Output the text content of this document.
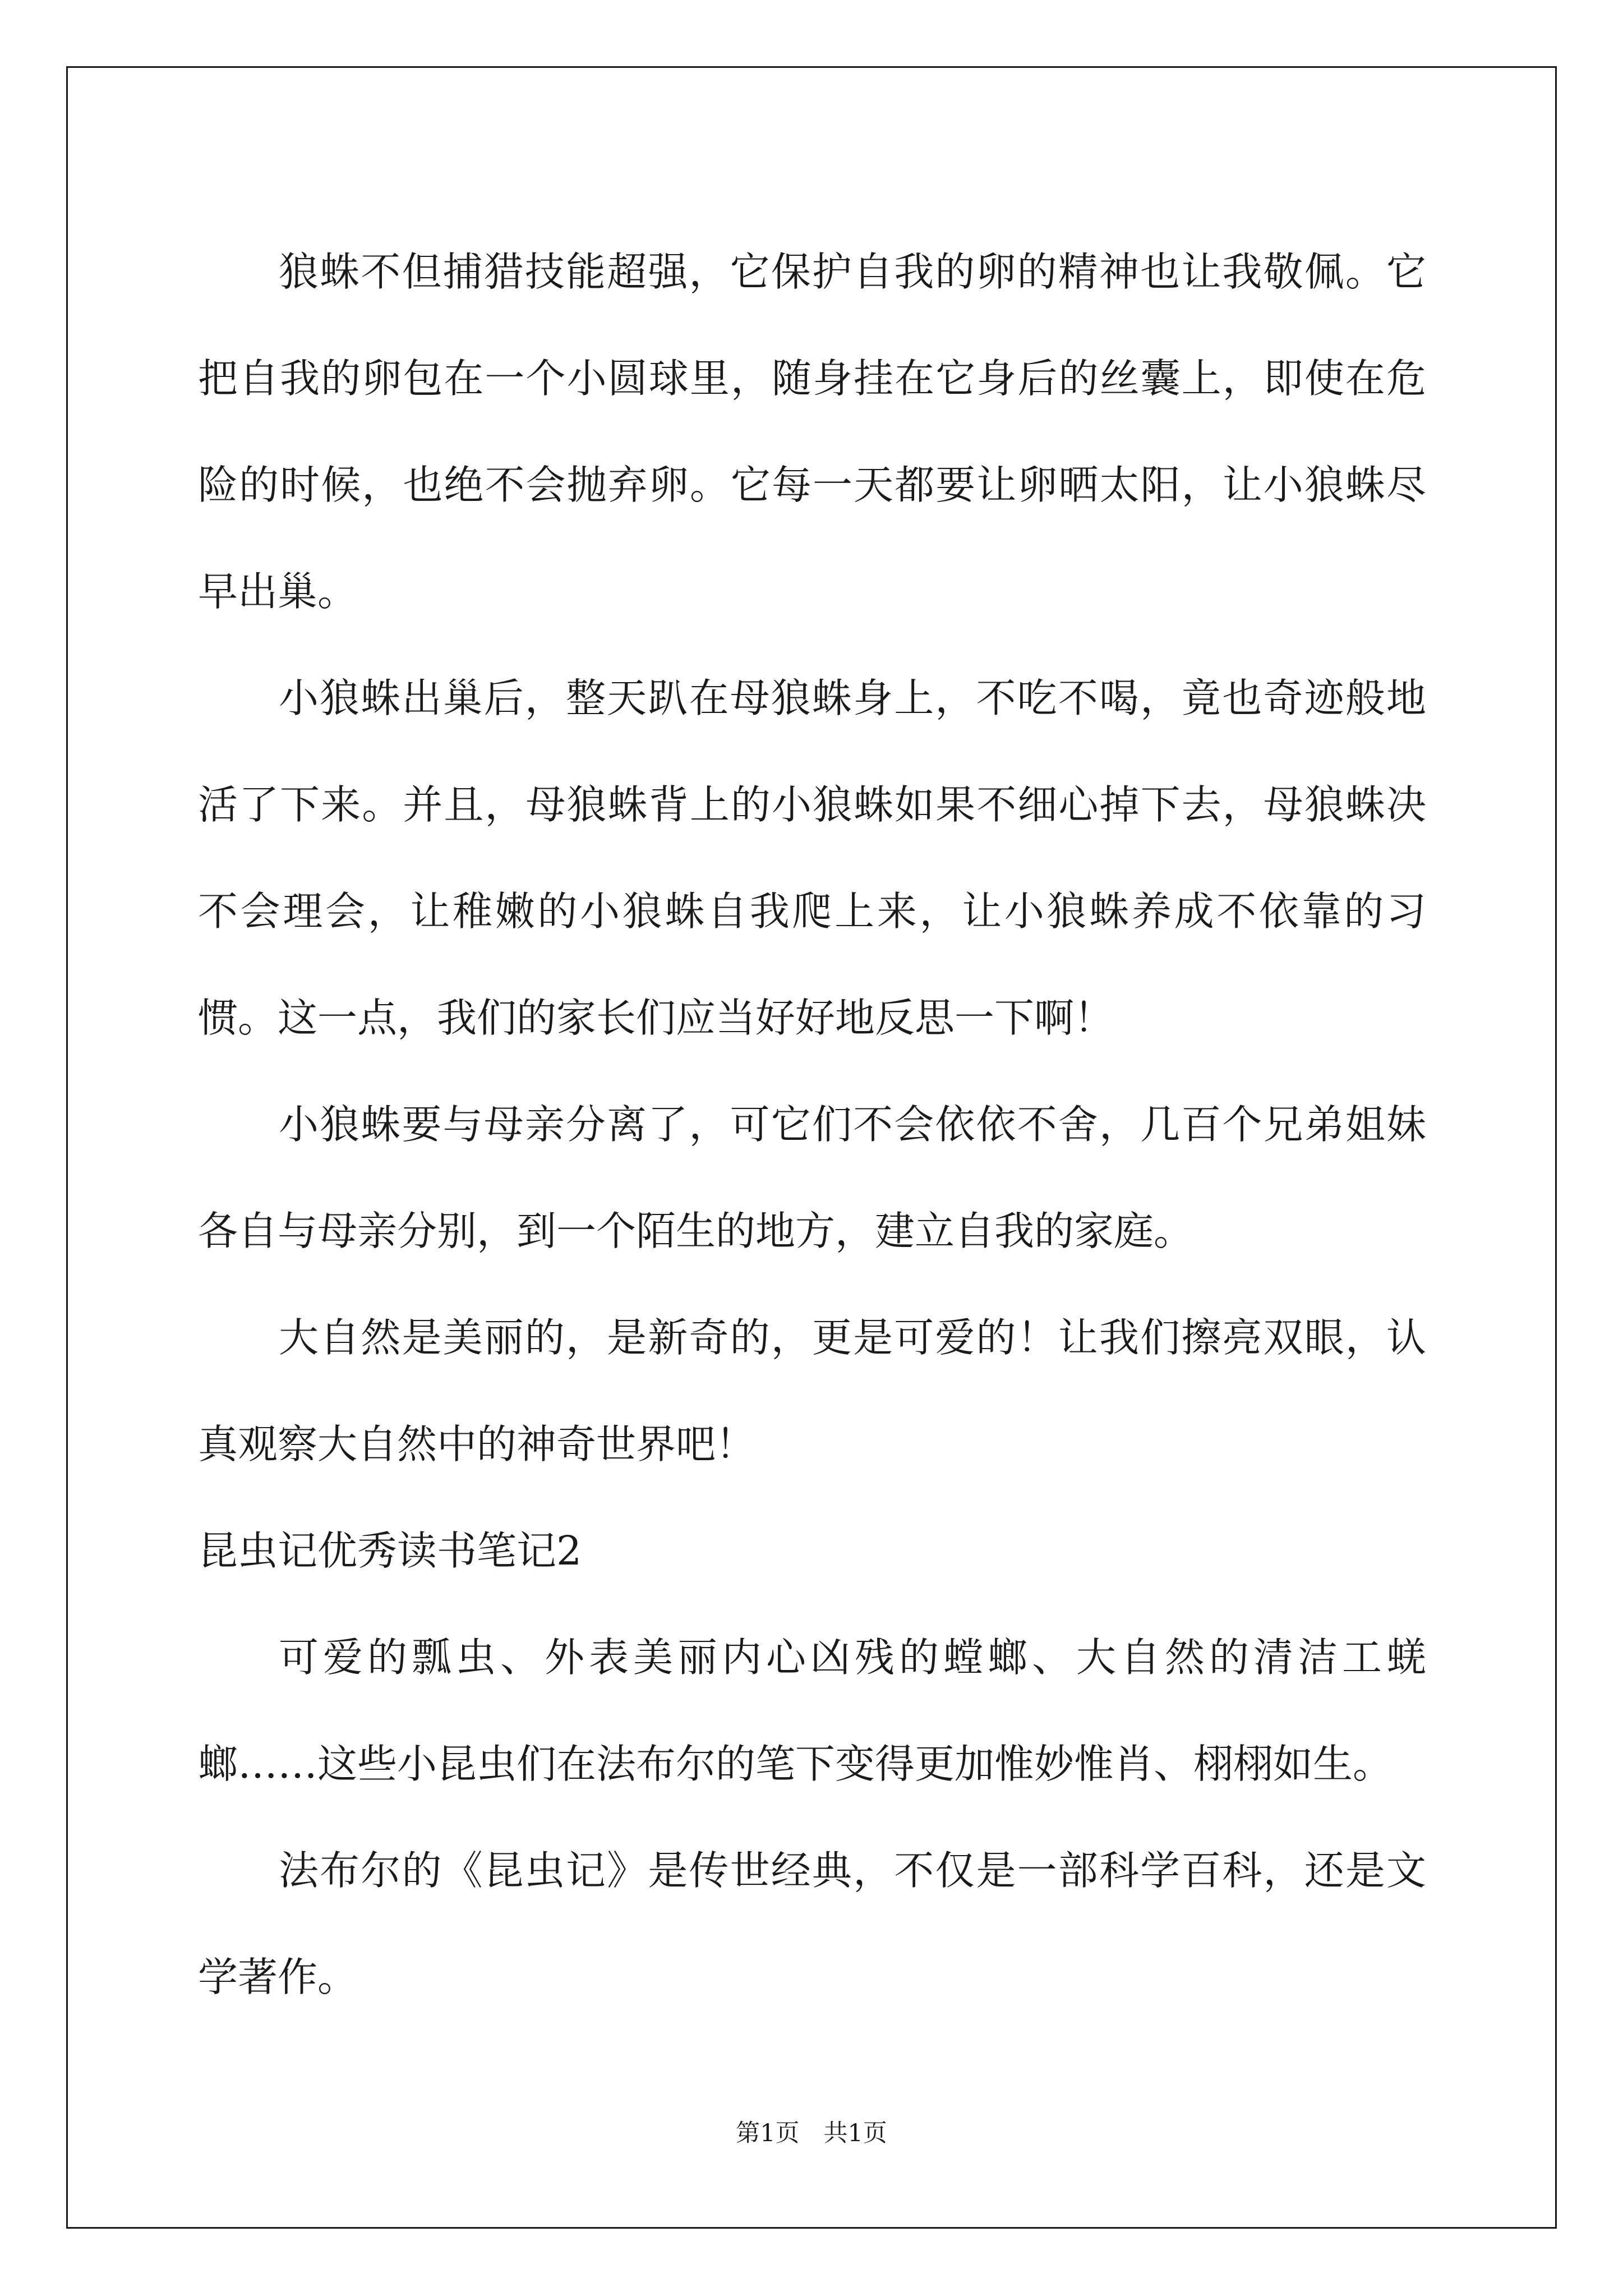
狼蛛不但捕猎技能超强，它保护自我的卵的精神也让我敬佩。它把自我的卵包在一个小圆球里，随身挂在它身后的丝囊上，即使在危险的时候，也绝不会抛弃卵。它每一天都要让卵晒太阳，让小狼蛛尽早出巢。

小狼蛛出巢后，整天趴在母狼蛛身上，不吃不喝，竟也奇迹般地活了下来。并且，母狼蛛背上的小狼蛛如果不细心掉下去，母狼蛛决不会理会，让稚嫩的小狼蛛自我爬上来，让小狼蛛养成不依靠的习惯。这一点，我们的家长们应当好好地反思一下啊！

小狼蛛要与母亲分离了，可它们不会依依不舍，几百个兄弟姐妹各自与母亲分别，到一个陌生的地方，建立自我的家庭。

大自然是美丽的，是新奇的，更是可爱的！让我们擦亮双眼，认真观察大自然中的神奇世界吧！

昆虫记优秀读书笔记2

可爱的瓢虫、外表美丽内心凶残的螳螂、大自然的清洁工蜣螂……这些小昆虫们在法布尔的笔下变得更加惟妙惟肖、栩栩如生。

法布尔的《昆虫记》是传世经典，不仅是一部科学百科，还是文学著作。

第1页　共1页
